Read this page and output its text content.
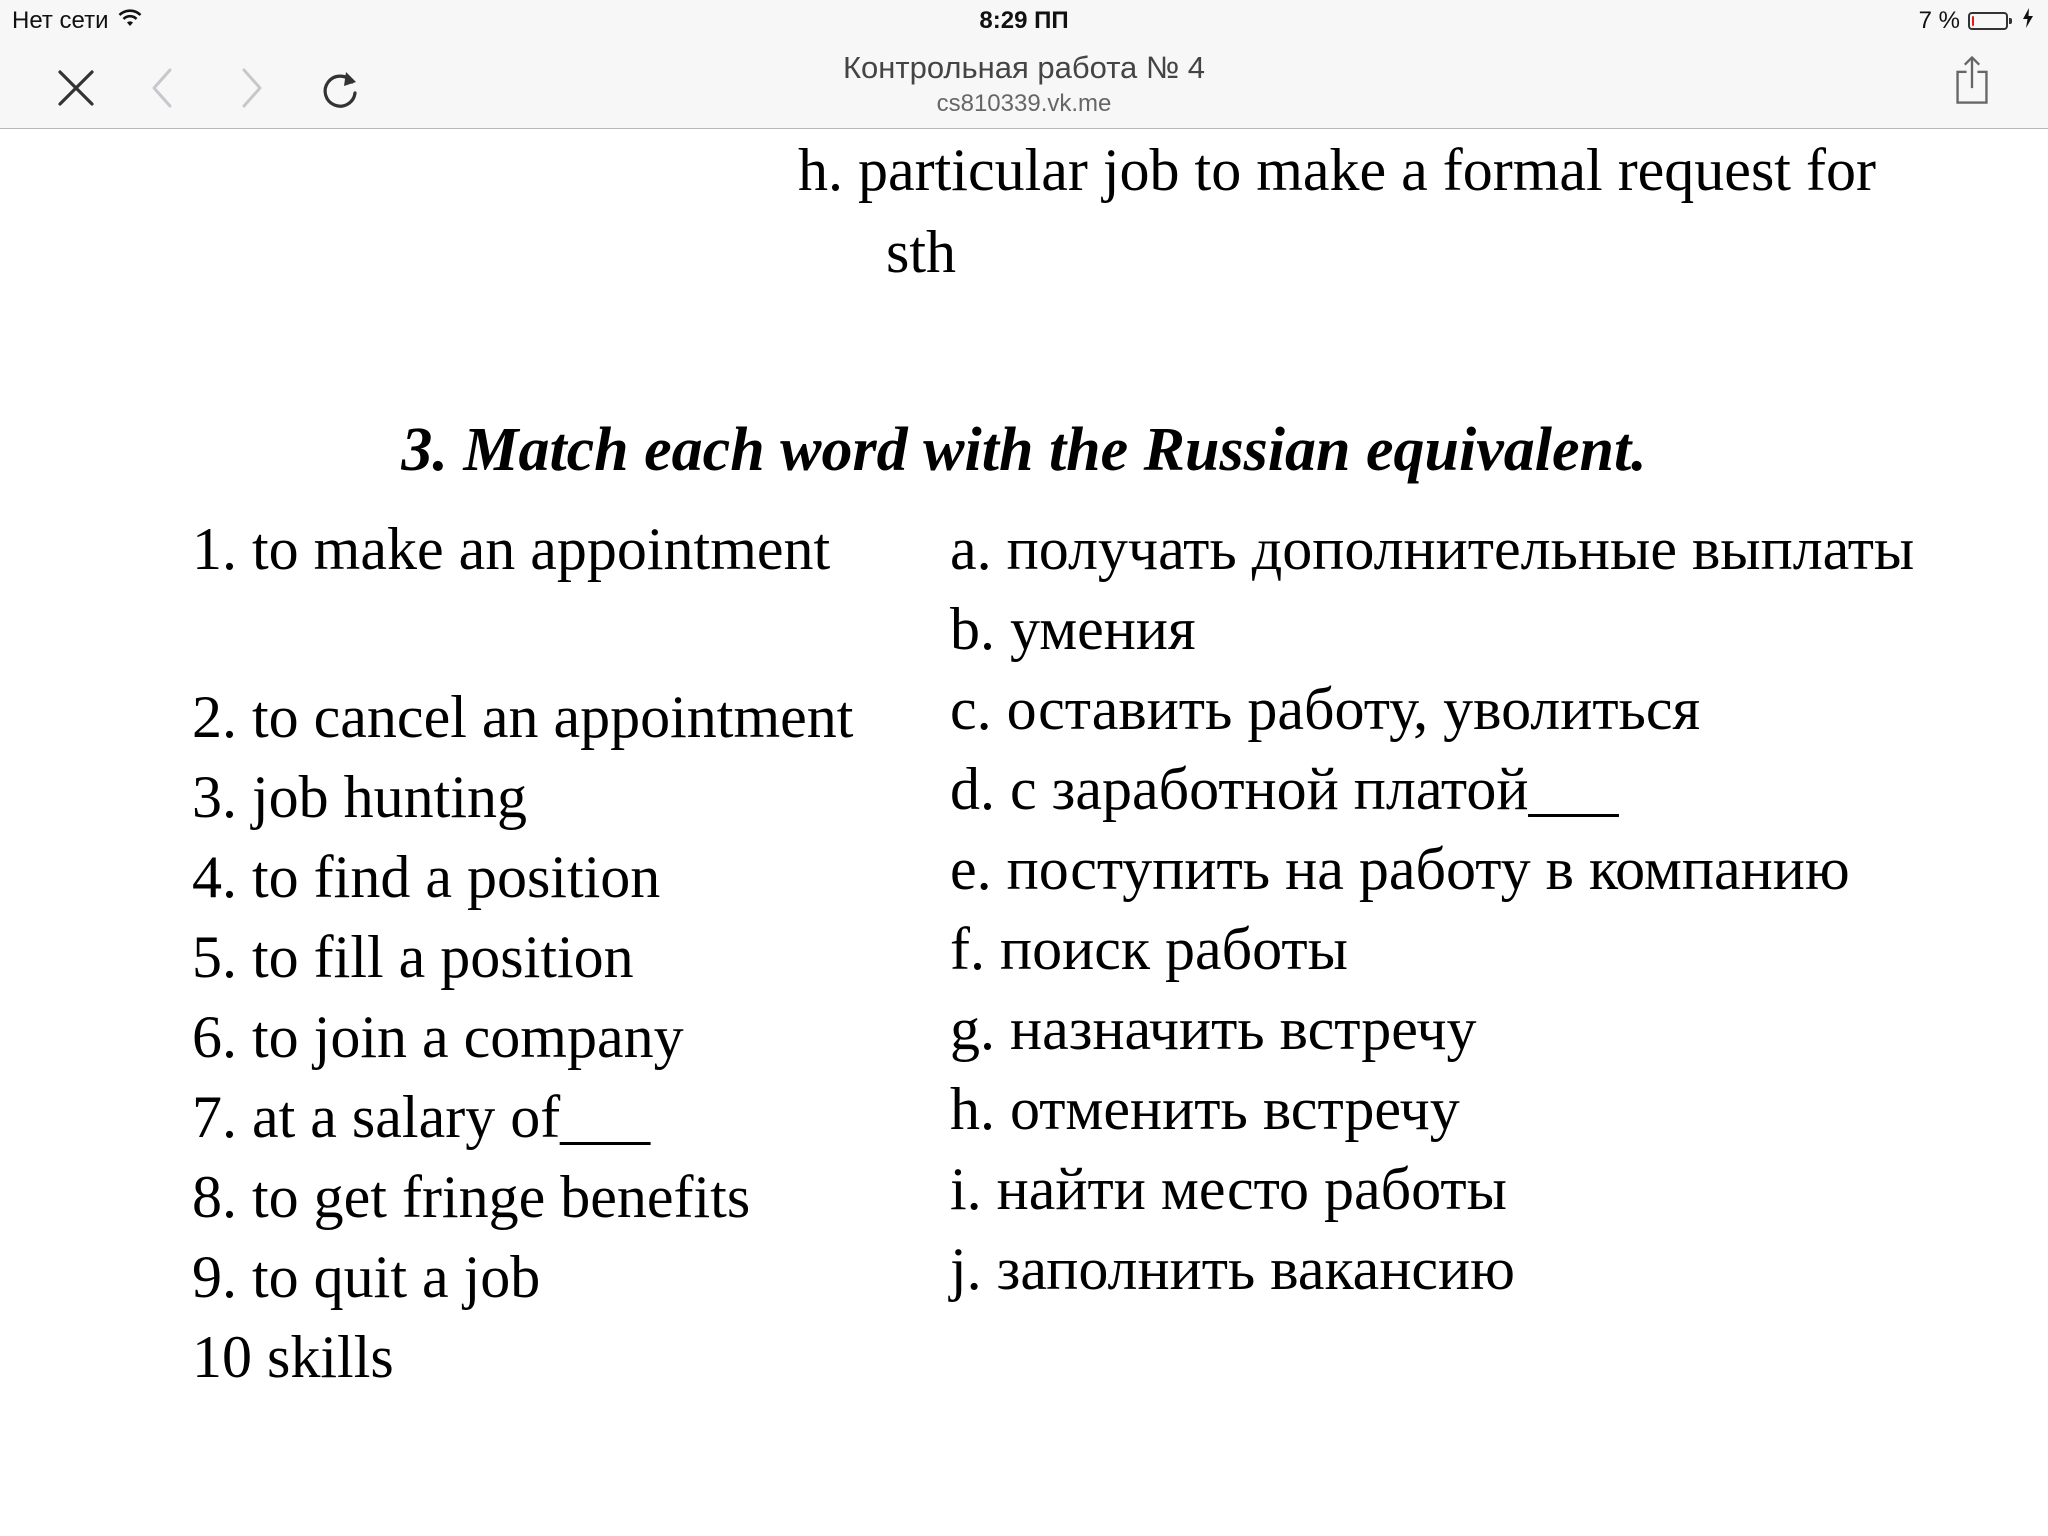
Нет сети	8:29 ПП	7 %
Контрольная работа № 4
cs810339.vk.me
h. particular job to make a formal request for
sth
3. Match each word with the Russian equivalent.
1. to make an appointment
2. to cancel an appointment
3. job hunting
4. to find a position
5. to fill a position
6. to join a company
7. at a salary of___
8. to get fringe benefits
9. to quit a job
10 skills
a. получать дополнительные выплаты
b. умения
c. оставить работу, уволиться
d. с заработной платой___
e. поступить на работу в компанию
f. поиск работы
g. назначить встречу
h. отменить встречу
i. найти место работы
j. заполнить вакансию
